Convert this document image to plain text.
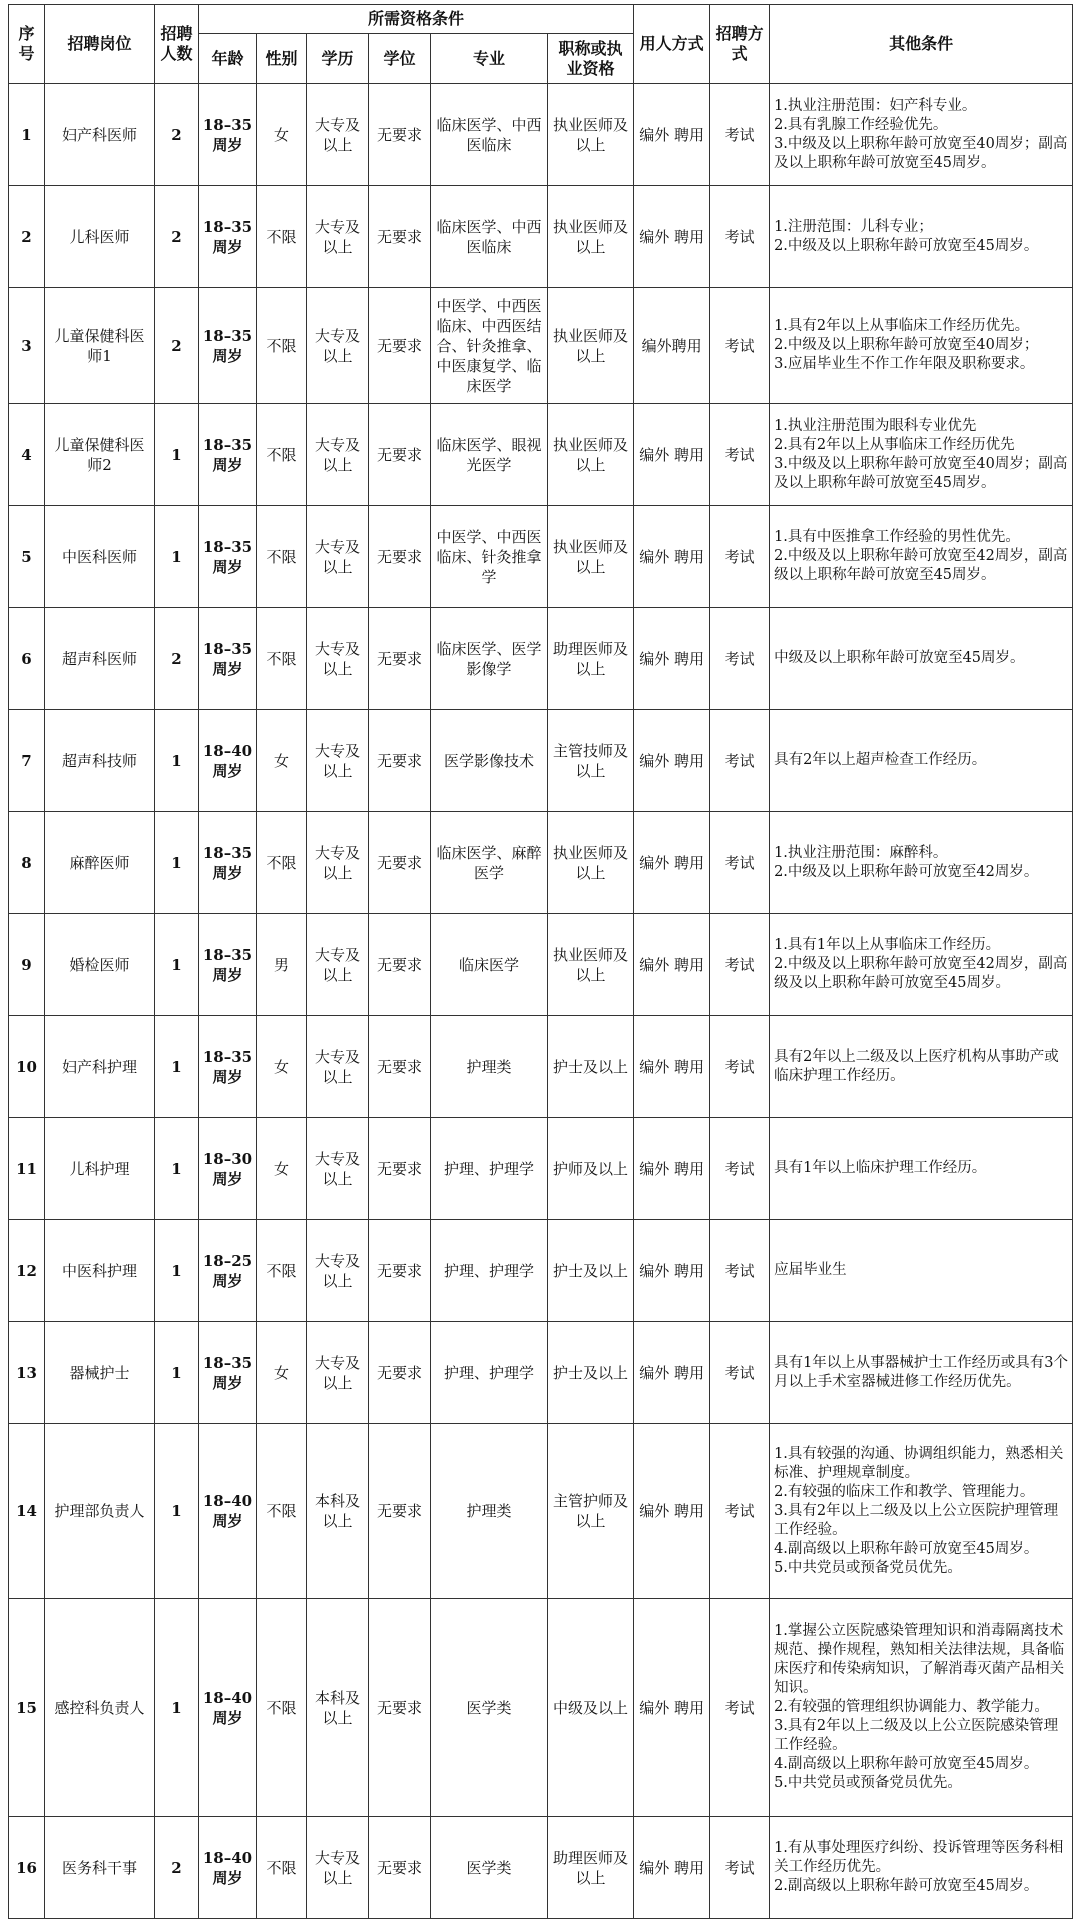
序号	招聘岗位	招聘人数	所需资格条件						用人方式	招聘方式	其他条件
			年龄	性别	学历	学位	专业	职称或执业资格			
1	妇产科医师	2	18–35周岁	女	大专及以上	无要求	临床医学、中西医临床	执业医师及以上	编外 聘用	考试	1.执业注册范围：妇产科专业。
2.具有乳腺工作经验优先。
3.中级及以上职称年龄可放宽至40周岁；副高及以上职称年龄可放宽至45周岁。

2	儿科医师	2	18–35周岁	不限	大专及以上	无要求	临床医学、中西医临床	执业医师及以上	编外 聘用	考试	1.注册范围：儿科专业；
2.中级及以上职称年龄可放宽至45周岁。

3	儿童保健科医师1	2	18–35周岁	不限	大专及以上	无要求	中医学、中西医临床、中西医结合、针灸推拿、中医康复学、临床医学	执业医师及以上	编外聘用	考试	1.具有2年以上从事临床工作经历优先。
2.中级及以上职称年龄可放宽至40周岁；
3.应届毕业生不作工作年限及职称要求。

4	儿童保健科医师2	1	18–35周岁	不限	大专及以上	无要求	临床医学、眼视光医学	执业医师及以上	编外 聘用	考试	1.执业注册范围为眼科专业优先
2.具有2年以上从事临床工作经历优先
3.中级及以上职称年龄可放宽至40周岁；副高及以上职称年龄可放宽至45周岁。

5	中医科医师	1	18–35周岁	不限	大专及以上	无要求	中医学、中西医临床、针灸推拿学	执业医师及以上	编外 聘用	考试	1.具有中医推拿工作经验的男性优先。
2.中级及以上职称年龄可放宽至42周岁，副高级以上职称年龄可放宽至45周岁。

6	超声科医师	2	18–35周岁	不限	大专及以上	无要求	临床医学、医学影像学	助理医师及以上	编外 聘用	考试	中级及以上职称年龄可放宽至45周岁。

7	超声科技师	1	18–40周岁	女	大专及以上	无要求	医学影像技术	主管技师及以上	编外 聘用	考试	具有2年以上超声检查工作经历。

8	麻醉医师	1	18–35周岁	不限	大专及以上	无要求	临床医学、麻醉医学	执业医师及以上	编外 聘用	考试	1.执业注册范围：麻醉科。
2.中级及以上职称年龄可放宽至42周岁。

9	婚检医师	1	18–35周岁	男	大专及以上	无要求	临床医学	执业医师及以上	编外 聘用	考试	1.具有1年以上从事临床工作经历。
2.中级及以上职称年龄可放宽至42周岁，副高级及以上职称年龄可放宽至45周岁。

10	妇产科护理	1	18–35周岁	女	大专及以上	无要求	护理类	护士及以上	编外 聘用	考试	具有2年以上二级及以上医疗机构从事助产或临床护理工作经历。

11	儿科护理	1	18–30周岁	女	大专及以上	无要求	护理、护理学	护师及以上	编外 聘用	考试	具有1年以上临床护理工作经历。

12	中医科护理	1	18–25周岁	不限	大专及以上	无要求	护理、护理学	护士及以上	编外 聘用	考试	应届毕业生

13	器械护士	1	18–35周岁	女	大专及以上	无要求	护理、护理学	护士及以上	编外 聘用	考试	具有1年以上从事器械护士工作经历或具有3个月以上手术室器械进修工作经历优先。

14	护理部负责人	1	18–40周岁	不限	本科及以上	无要求	护理类	主管护师及以上	编外 聘用	考试	1.具有较强的沟通、协调组织能力，熟悉相关标准、护理规章制度。
2.有较强的临床工作和教学、管理能力。
3.具有2年以上二级及以上公立医院护理管理工作经验。
4.副高级以上职称年龄可放宽至45周岁。
5.中共党员或预备党员优先。

15	感控科负责人	1	18–40周岁	不限	本科及以上	无要求	医学类	中级及以上	编外 聘用	考试	1.掌握公立医院感染管理知识和消毒隔离技术规范、操作规程，熟知相关法律法规，具备临床医疗和传染病知识，了解消毒灭菌产品相关知识。
2.有较强的管理组织协调能力、教学能力。
3.具有2年以上二级及以上公立医院感染管理工作经验。
4.副高级以上职称年龄可放宽至45周岁。
5.中共党员或预备党员优先。

16	医务科干事	2	18–40周岁	不限	大专及以上	无要求	医学类	助理医师及以上	编外 聘用	考试	1.有从事处理医疗纠纷、投诉管理等医务科相关工作经历优先。
2.副高级以上职称年龄可放宽至45周岁。
